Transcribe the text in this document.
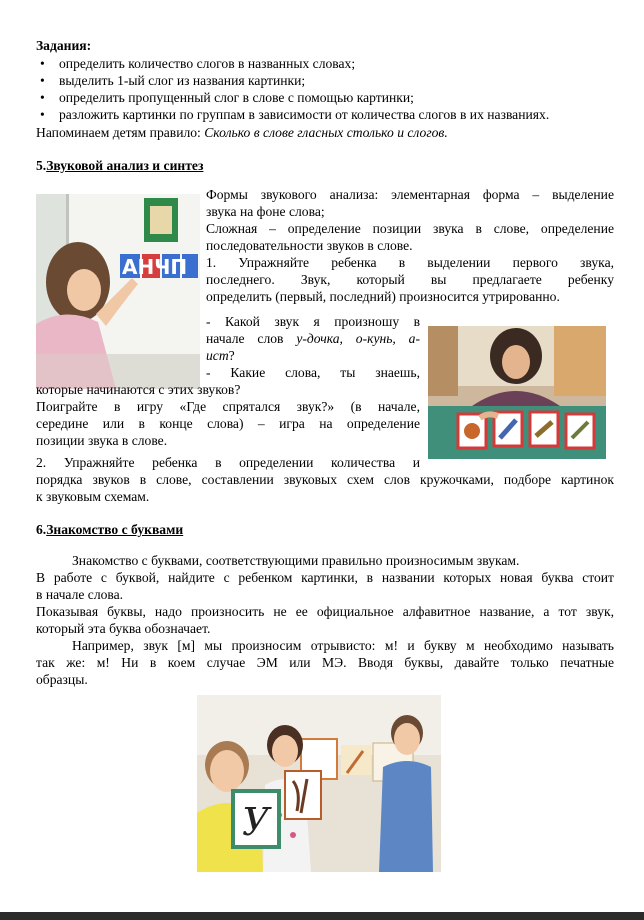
Задания:

• определить количество слогов в названных словах;
• выделить 1-ый слог из названия картинки;
• определить пропущенный слог в слове с помощью картинки;
• разложить картинки по группам в зависимости от количества слогов в их названиях.

Напоминаем детям правило: Сколько в слове гласных столько и слогов.

5.Звуковой анализ и синтез

АНЧП

Формы звукового анализа: элементарная форма – выделение

звука на фоне слова;

Сложная – определение позиции звука в слове, определение

последовательности звуков в слове.

1. Упражняйте ребенка в выделении первого звука,

последнего. Звук, который вы предлагаете ребенку

определить (первый, последний) произносится утрированно.

- Какой звук я произношу в

начале слов у-дочка, о-кунь, а-

ист?

- Какие слова, ты знаешь,

которые начинаются с этих звуков?

Поиграйте в игру «Где спрятался звук?» (в начале,

середине или в конце слова) – игра на определение

позиции звука в слове.

2. Упражняйте ребенка в определении количества и

порядка звуков в слове, составлении звуковых схем слов кружочками, подборе картинок

к звуковым схемам.

6.Знакомство с буквами

Знакомство с буквами, соответствующими правильно произносимым звукам.

В работе с буквой, найдите с ребенком картинки, в названии которых новая буква стоит

в начале слова.

Показывая буквы, надо произносить не ее официальное алфавитное название, а тот звук,

который эта буква обозначает.

Например, звук [м] мы произносим отрывисто: м! и букву м необходимо называть

так же: м! Ни в коем случае ЭМ или МЭ. Вводя буквы, давайте только печатные

образцы.

У
